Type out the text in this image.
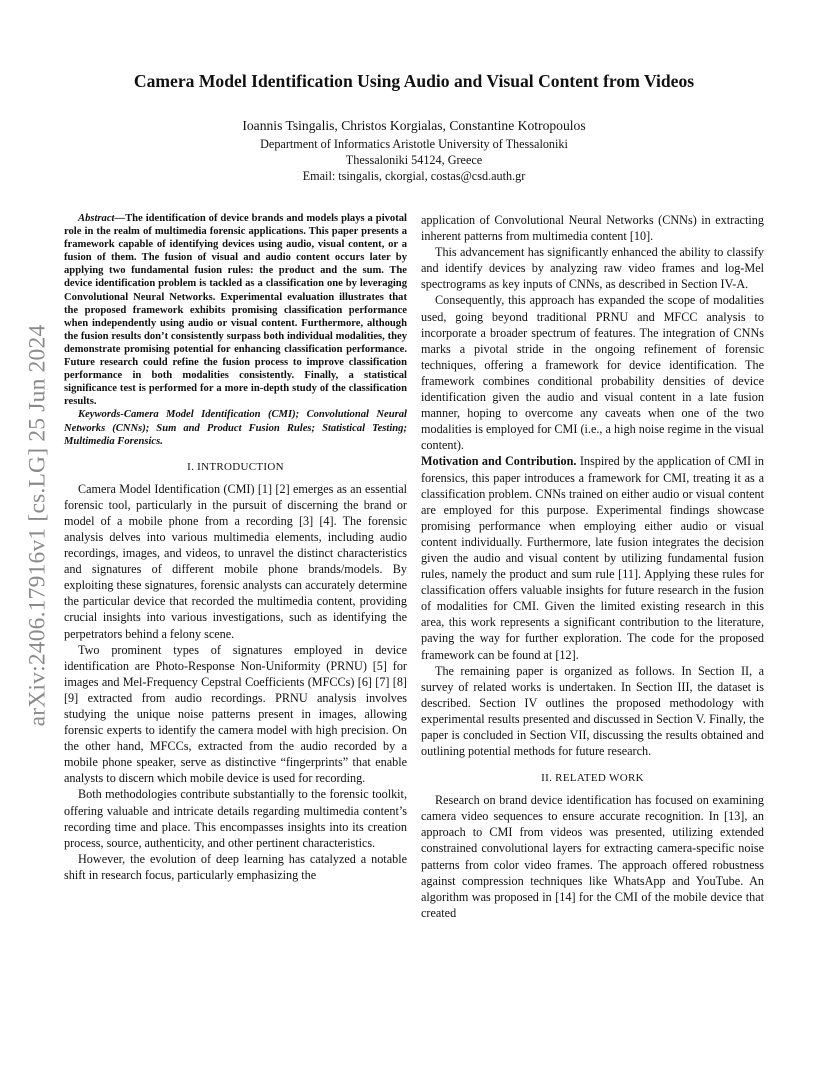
arXiv:2406.17916v1 [cs.LG] 25 Jun 2024
Camera Model Identification Using Audio and Visual Content from Videos
Ioannis Tsingalis, Christos Korgialas, Constantine Kotropoulos
Department of Informatics Aristotle University of Thessaloniki
Thessaloniki 54124, Greece
Email: tsingalis, ckorgial, costas@csd.auth.gr

Abstract—The identification of device brands and models plays a pivotal role in the realm of multimedia forensic applications. This paper presents a framework capable of identifying devices using audio, visual content, or a fusion of them. The fusion of visual and audio content occurs later by applying two fundamental fusion rules: the product and the sum. The device identification problem is tackled as a classification one by leveraging Convolutional Neural Networks. Experimental evaluation illustrates that the proposed framework exhibits promising classification performance when independently using audio or visual content. Furthermore, although the fusion results don’t consistently surpass both individual modalities, they demonstrate promising potential for enhancing classification performance. Future research could refine the fusion process to improve classification performance in both modalities consistently. Finally, a statistical significance test is performed for a more in-depth study of the classification results.

Keywords-Camera Model Identification (CMI); Convolutional Neural Networks (CNNs); Sum and Product Fusion Rules; Statistical Testing; Multimedia Forensics.

I. INTRODUCTION

Camera Model Identification (CMI) [1] [2] emerges as an essential forensic tool, particularly in the pursuit of discerning the brand or model of a mobile phone from a recording [3] [4]. The forensic analysis delves into various multimedia elements, including audio recordings, images, and videos, to unravel the distinct characteristics and signatures of different mobile phone brands/models. By exploiting these signatures, forensic analysts can accurately determine the particular device that recorded the multimedia content, providing crucial insights into various investigations, such as identifying the perpetrators behind a felony scene.

Two prominent types of signatures employed in device identification are Photo-Response Non-Uniformity (PRNU) [5] for images and Mel-Frequency Cepstral Coefficients (MFCCs) [6] [7] [8] [9] extracted from audio recordings. PRNU analysis involves studying the unique noise patterns present in images, allowing forensic experts to identify the camera model with high precision. On the other hand, MFCCs, extracted from the audio recorded by a mobile phone speaker, serve as distinctive “fingerprints” that enable analysts to discern which mobile device is used for recording.

Both methodologies contribute substantially to the forensic toolkit, offering valuable and intricate details regarding multimedia content’s recording time and place. This encompasses insights into its creation process, source, authenticity, and other pertinent characteristics.

However, the evolution of deep learning has catalyzed a notable shift in research focus, particularly emphasizing the

application of Convolutional Neural Networks (CNNs) in extracting inherent patterns from multimedia content [10].

This advancement has significantly enhanced the ability to classify and identify devices by analyzing raw video frames and log-Mel spectrograms as key inputs of CNNs, as described in Section IV-A.

Consequently, this approach has expanded the scope of modalities used, going beyond traditional PRNU and MFCC analysis to incorporate a broader spectrum of features. The integration of CNNs marks a pivotal stride in the ongoing refinement of forensic techniques, offering a framework for device identification. The framework combines conditional probability densities of device identification given the audio and visual content in a late fusion manner, hoping to overcome any caveats when one of the two modalities is employed for CMI (i.e., a high noise regime in the visual content).

Motivation and Contribution. Inspired by the application of CMI in forensics, this paper introduces a framework for CMI, treating it as a classification problem. CNNs trained on either audio or visual content are employed for this purpose. Experimental findings showcase promising performance when employing either audio or visual content individually. Furthermore, late fusion integrates the decision given the audio and visual content by utilizing fundamental fusion rules, namely the product and sum rule [11]. Applying these rules for classification offers valuable insights for future research in the fusion of modalities for CMI. Given the limited existing research in this area, this work represents a significant contribution to the literature, paving the way for further exploration. The code for the proposed framework can be found at [12].

The remaining paper is organized as follows. In Section II, a survey of related works is undertaken. In Section III, the dataset is described. Section IV outlines the proposed methodology with experimental results presented and discussed in Section V. Finally, the paper is concluded in Section VII, discussing the results obtained and outlining potential methods for future research.

II. RELATED WORK

Research on brand device identification has focused on examining camera video sequences to ensure accurate recognition. In [13], an approach to CMI from videos was presented, utilizing extended constrained convolutional layers for extracting camera-specific noise patterns from color video frames. The approach offered robustness against compression techniques like WhatsApp and YouTube. An algorithm was proposed in [14] for the CMI of the mobile device that created
